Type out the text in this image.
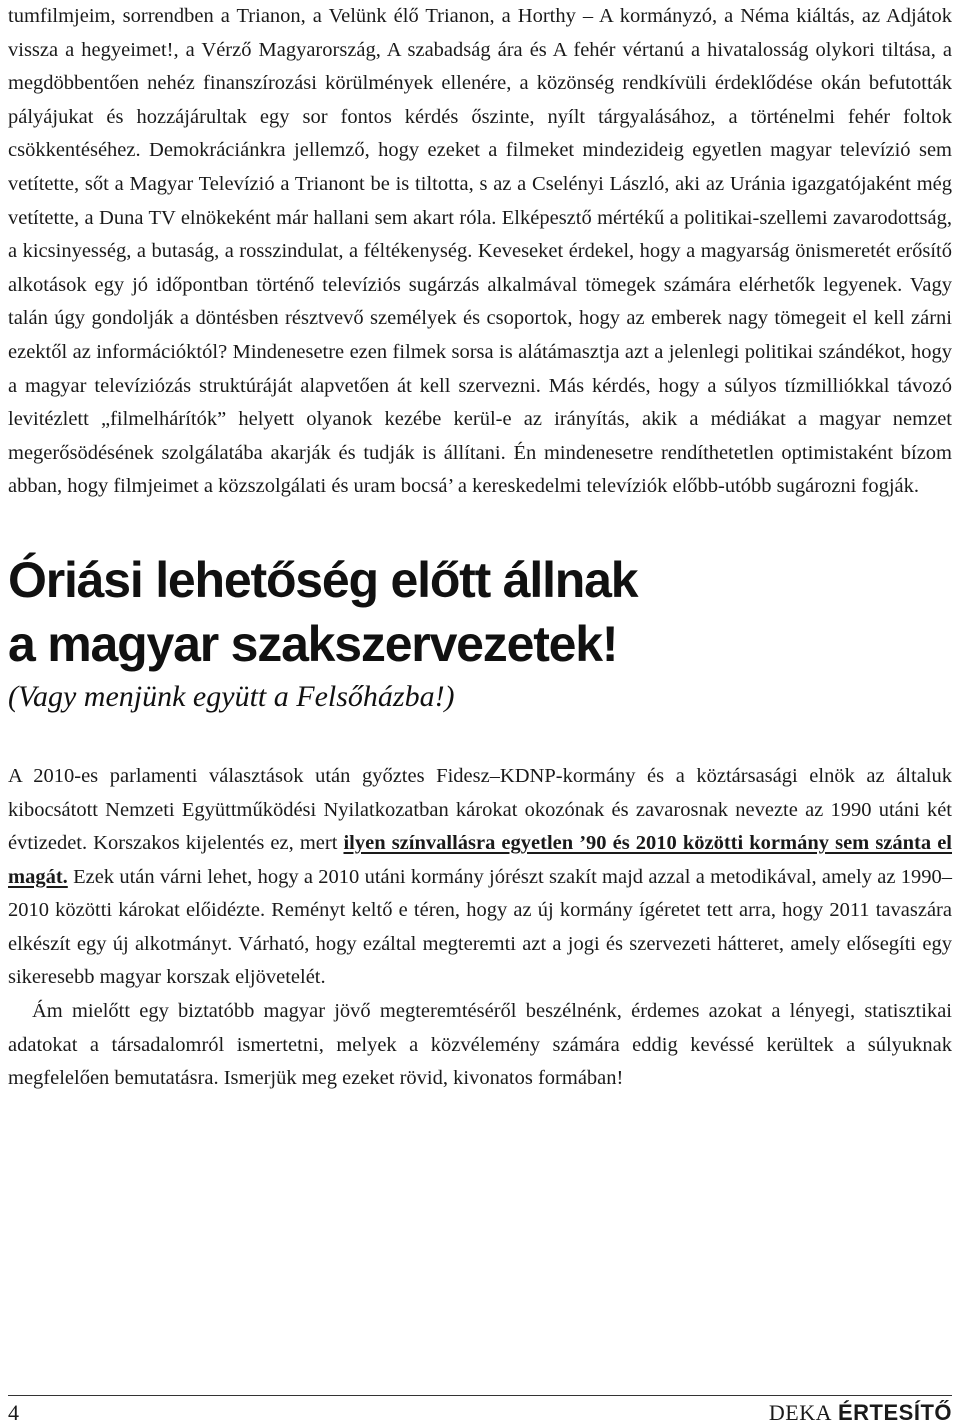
tumfilmjeim, sorrendben a Trianon, a Velünk élő Trianon, a Horthy – A kormányzó, a Néma kiáltás, az Adjátok vissza a hegyeimet!, a Vérző Magyarország, A szabadság ára és A fehér vértanú a hivatalosság olykori tiltása, a megdöbbentően nehéz finanszírozási körülmények ellenére, a közönség rendkívüli érdeklődése okán befutották pályájukat és hozzájárultak egy sor fontos kérdés őszinte, nyílt tárgyalásához, a történelmi fehér foltok csökkentéséhez. Demokráciánkra jellemző, hogy ezeket a filmeket mindezideig egyetlen magyar televízió sem vetítette, sőt a Magyar Televízió a Trianont be is tiltotta, s az a Cselényi László, aki az Uránia igazgatójaként még vetítette, a Duna TV elnökeként már hallani sem akart róla. Elképesztő mértékű a politikai-szellemi zavarodottság, a kicsinyesség, a butaság, a rosszindulat, a féltékenység. Keveseket érdekel, hogy a magyarság önismeretét erősítő alkotások egy jó időpontban történő televíziós sugárzás alkalmával tömegek számára elérhetők legyenek. Vagy talán úgy gondolják a döntésben résztvevő személyek és csoportok, hogy az emberek nagy tömegeit el kell zárni ezektől az információktól? Mindenesetre ezen filmek sorsa is alátámasztja azt a jelenlegi politikai szándékot, hogy a magyar televíziózás struktúráját alapvetően át kell szervezni. Más kérdés, hogy a súlyos tízmilliókkal távozó levitézlett „filmelhárítók” helyett olyanok kezébe kerül-e az irányítás, akik a médiákat a magyar nemzet megerősödésének szolgálatába akarják és tudják is állítani. Én mindenesetre rendíthetetlen optimistaként bízom abban, hogy filmjeimet a közszolgálati és uram bocsá’ a kereskedelmi televíziók előbb-utóbb sugározni fogják.

Óriási lehetőség előtt állnak
a magyar szakszervezetek!
(Vagy menjünk együtt a Felsőházba!)

A 2010-es parlamenti választások után győztes Fidesz–KDNP-kormány és a köztársasági elnök az általuk kibocsátott Nemzeti Együttműködési Nyilatkozatban károkat okozónak és zavarosnak nevezte az 1990 utáni két évtizedet. Korszakos kijelentés ez, mert ilyen színvallásra egyetlen ’90 és 2010 közötti kormány sem szánta el magát. Ezek után várni lehet, hogy a 2010 utáni kormány jórészt szakít majd azzal a metodikával, amely az 1990–2010 közötti károkat előidézte. Reményt keltő e téren, hogy az új kormány ígéretet tett arra, hogy 2011 tavaszára elkészít egy új alkotmányt. Várható, hogy ezáltal megteremti azt a jogi és szervezeti hátteret, amely elősegíti egy sikeresebb magyar korszak eljövetelét.

Ám mielőtt egy biztatóbb magyar jövő megteremtéséről beszélnénk, érdemes azokat a lényegi, statisztikai adatokat a társadalomról ismertetni, melyek a közvélemény számára eddig kevéssé kerültek a súlyuknak megfelelően bemutatásra. Ismerjük meg ezeket rövid, kivonatos formában!

4	DEKA ÉRTESÍTŐ
